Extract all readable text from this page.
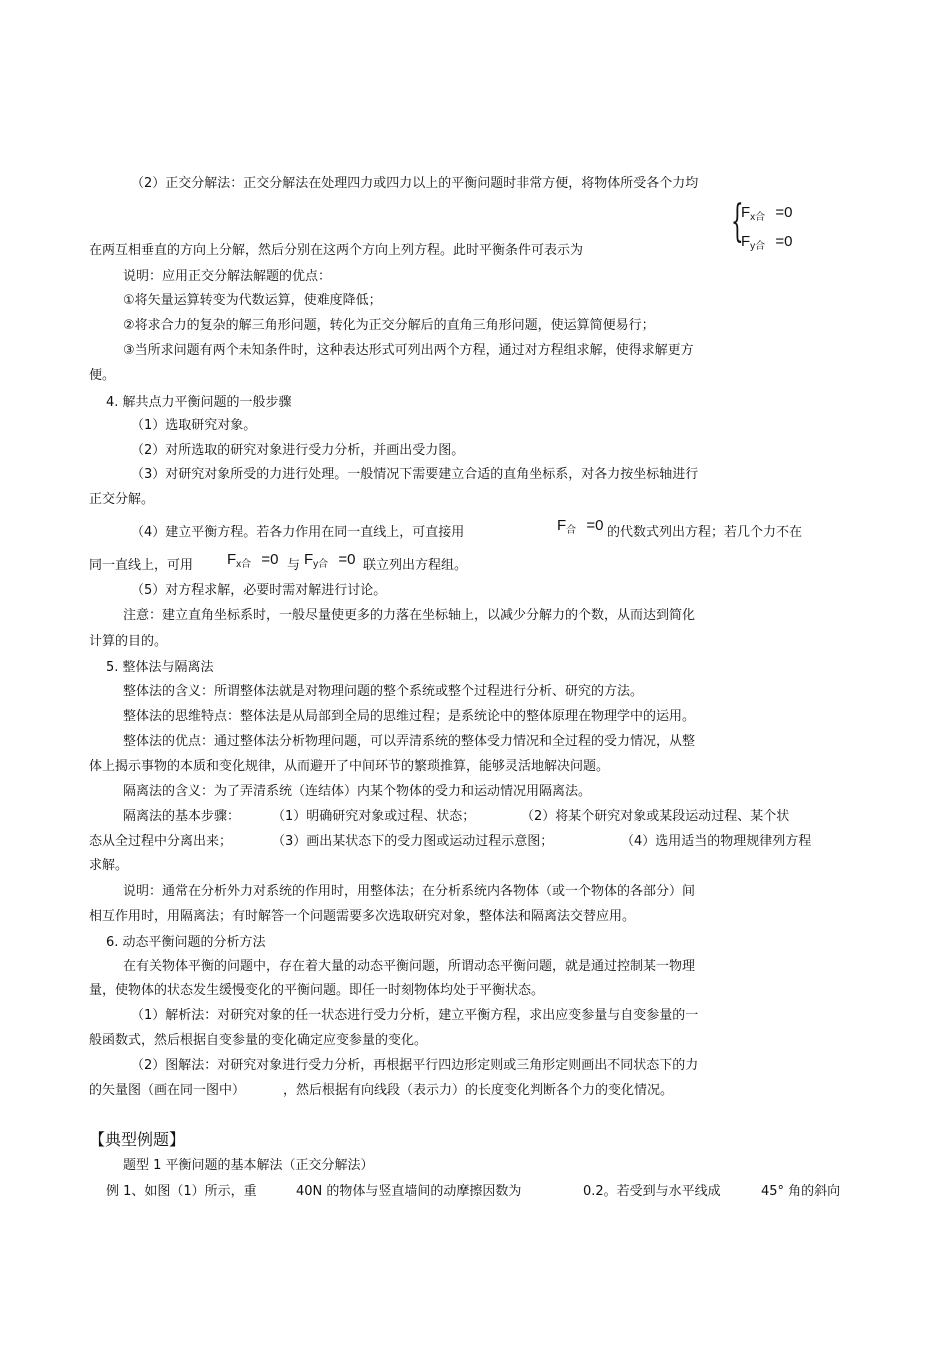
（2）正交分解法：正交分解法在处理四力或四力以上的平衡问题时非常方便，将物体所受各个力均
{
$F_{x合} =0$
$F_{y合} =0$
在两互相垂直的方向上分解，然后分别在这两个方向上列方程。此时平衡条件可表示为
说明：应用正交分解法解题的优点：
①将矢量运算转变为代数运算，使难度降低；
②将求合力的复杂的解三角形问题，转化为正交分解后的直角三角形问题，使运算简便易行；
③当所求问题有两个未知条件时，这种表达形式可列出两个方程，通过对方程组求解，使得求解更方
便。
4. 解共点力平衡问题的一般步骤
（1）选取研究对象。
（2）对所选取的研究对象进行受力分析，并画出受力图。
（3）对研究对象所受的力进行处理。一般情况下需要建立合适的直角坐标系，对各力按坐标轴进行
正交分解。
（4）建立平衡方程。若各力作用在同一直线上，可直接用	$F_合 =0$ 的代数式列出方程；若几个力不在
同一直线上，可用 $F_{x合} =0$ 与 $F_{y合} =0$ 联立列出方程组。
（5）对方程求解，必要时需对解进行讨论。
注意：建立直角坐标系时，一般尽量使更多的力落在坐标轴上，以减少分解力的个数，从而达到简化
计算的目的。
5. 整体法与隔离法
整体法的含义：所谓整体法就是对物理问题的整个系统或整个过程进行分析、研究的方法。
整体法的思维特点：整体法是从局部到全局的思维过程；是系统论中的整体原理在物理学中的运用。
整体法的优点：通过整体法分析物理问题，可以弄清系统的整体受力情况和全过程的受力情况，从整
体上揭示事物的本质和变化规律，从而避开了中间环节的繁琐推算，能够灵活地解决问题。
隔离法的含义：为了弄清系统（连结体）内某个物体的受力和运动情况用隔离法。
隔离法的基本步骤： （1）明确研究对象或过程、状态；	（2）将某个研究对象或某段运动过程、某个状
态从全过程中分离出来；	（3）画出某状态下的受力图或运动过程示意图；	（4）选用适当的物理规律列方程
求解。
说明：通常在分析外力对系统的作用时，用整体法；在分析系统内各物体（或一个物体的各部分）间
相互作用时，用隔离法；有时解答一个问题需要多次选取研究对象，整体法和隔离法交替应用。
6. 动态平衡问题的分析方法
在有关物体平衡的问题中，存在着大量的动态平衡问题，所谓动态平衡问题，就是通过控制某一物理
量，使物体的状态发生缓慢变化的平衡问题。即任一时刻物体均处于平衡状态。
（1）解析法：对研究对象的任一状态进行受力分析，建立平衡方程，求出应变参量与自变参量的一
般函数式，然后根据自变参量的变化确定应变参量的变化。
（2）图解法：对研究对象进行受力分析，再根据平行四边形定则或三角形定则画出不同状态下的力
的矢量图（画在同一图中）	，然后根据有向线段（表示力）的长度变化判断各个力的变化情况。
【典型例题】
题型 1 平衡问题的基本解法（正交分解法）
例 1、如图（1）所示，重	40N 的物体与竖直墙间的动摩擦因数为	0.2。若受到与水平线成	45° 角的斜向
